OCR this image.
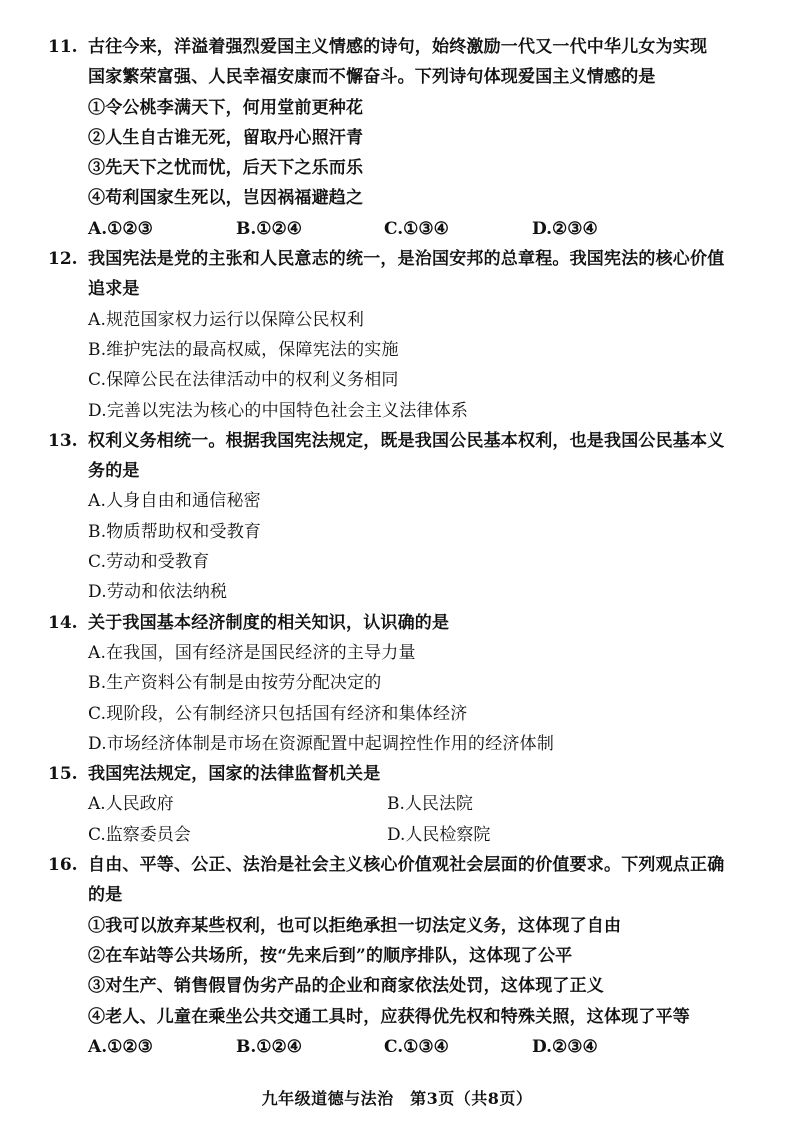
11. 古往今来，洋溢着强烈爱国主义情感的诗句，始终激励一代又一代中华儿女为实现
国家繁荣富强、人民幸福安康而不懈奋斗。下列诗句体现爱国主义情感的是
①令公桃李满天下，何用堂前更种花
②人生自古谁无死，留取丹心照汗青
③先天下之忧而忧，后天下之乐而乐
④苟利国家生死以，岂因祸福避趋之
A.①②③	B.①②④	C.①③④	D.②③④
12. 我国宪法是党的主张和人民意志的统一，是治国安邦的总章程。我国宪法的核心价值
追求是
A.规范国家权力运行以保障公民权利
B.维护宪法的最高权威，保障宪法的实施
C.保障公民在法律活动中的权利义务相同
D.完善以宪法为核心的中国特色社会主义法律体系
13. 权利义务相统一。根据我国宪法规定，既是我国公民基本权利，也是我国公民基本义
务的是
A.人身自由和通信秘密
B.物质帮助权和受教育
C.劳动和受教育
D.劳动和依法纳税
14. 关于我国基本经济制度的相关知识，认识确的是
A.在我国，国有经济是国民经济的主导力量
B.生产资料公有制是由按劳分配决定的
C.现阶段，公有制经济只包括国有经济和集体经济
D.市场经济体制是市场在资源配置中起调控性作用的经济体制
15. 我国宪法规定，国家的法律监督机关是
A.人民政府	B.人民法院
C.监察委员会	D.人民检察院
16. 自由、平等、公正、法治是社会主义核心价值观社会层面的价值要求。下列观点正确
的是
①我可以放弃某些权利，也可以拒绝承担一切法定义务，这体现了自由
②在车站等公共场所，按“先来后到”的顺序排队，这体现了公平
③对生产、销售假冒伪劣产品的企业和商家依法处罚，这体现了正义
④老人、儿童在乘坐公共交通工具时，应获得优先权和特殊关照，这体现了平等
A.①②③	B.①②④	C.①③④	D.②③④
九年级道德与法治　第3页（共8页）
